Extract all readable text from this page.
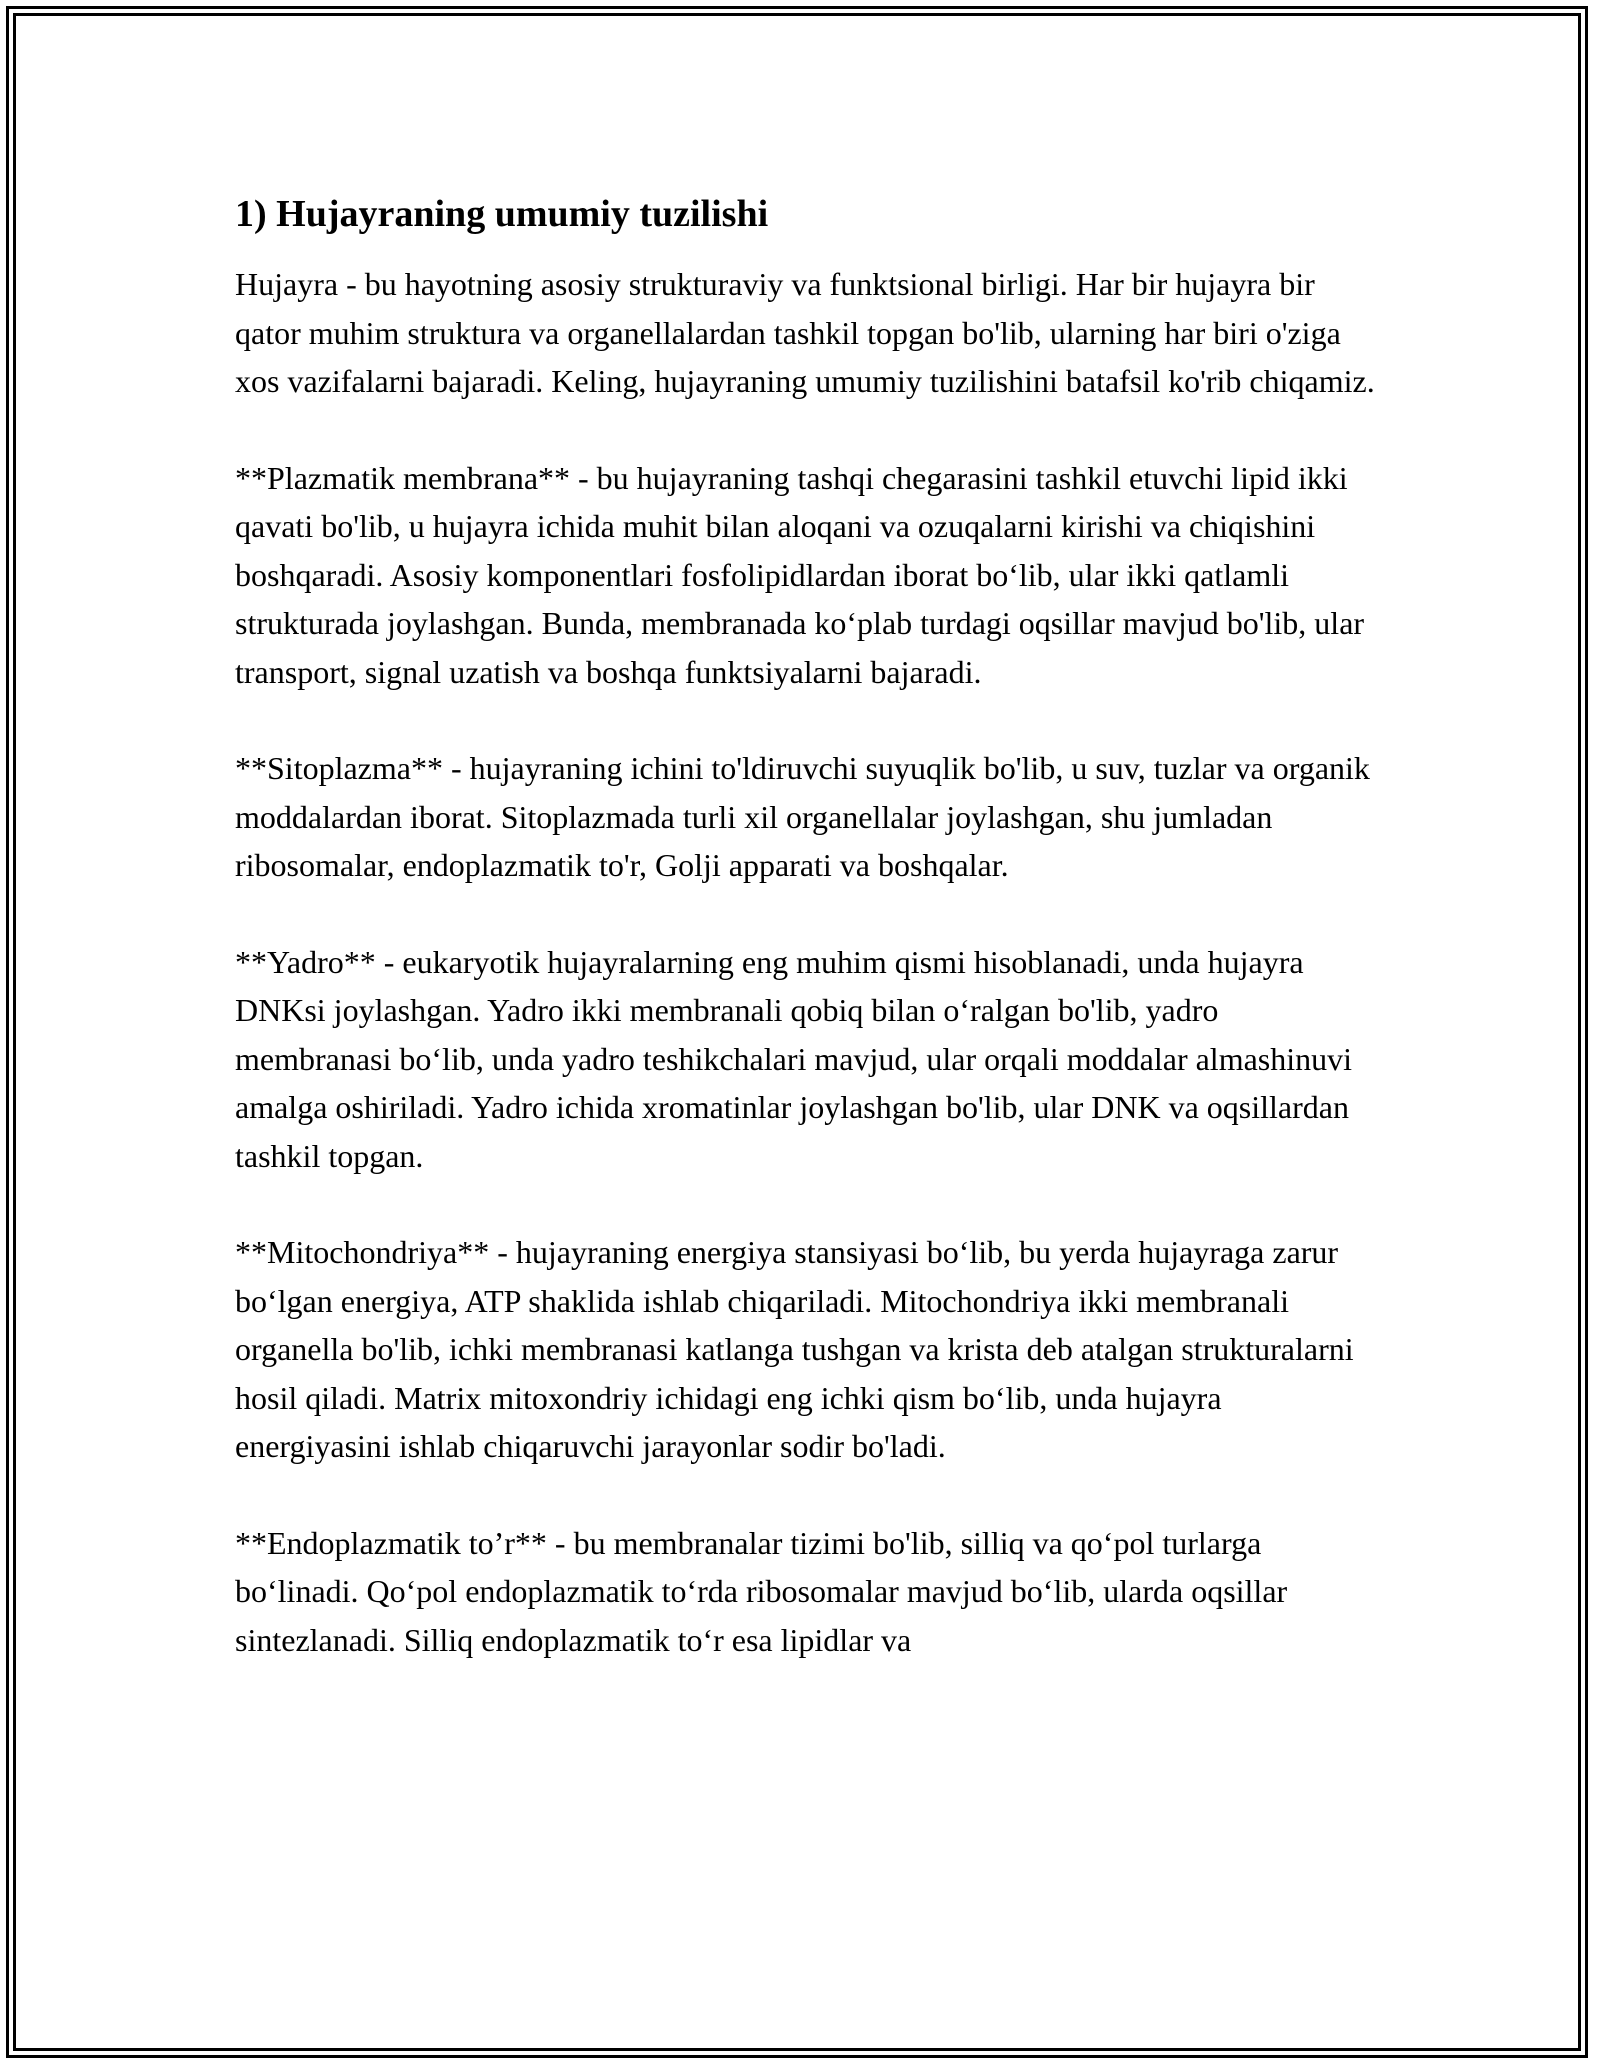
1) Hujayraning umumiy tuzilishi

Hujayra - bu hayotning asosiy strukturaviy va funktsional birligi. Har bir hujayra bir qator muhim struktura va organellalardan tashkil topgan bo'lib, ularning har biri o'ziga xos vazifalarni bajaradi. Keling, hujayraning umumiy tuzilishini batafsil ko'rib chiqamiz.

**Plazmatik membrana** - bu hujayraning tashqi chegarasini tashkil etuvchi lipid ikki qavati bo'lib, u hujayra ichida muhit bilan aloqani va ozuqalarni kirishi va chiqishini boshqaradi. Asosiy komponentlari fosfolipidlardan iborat bo‘lib, ular ikki qatlamli strukturada joylashgan. Bunda, membranada ko‘plab turdagi oqsillar mavjud bo'lib, ular transport, signal uzatish va boshqa funktsiyalarni bajaradi.

**Sitoplazma** - hujayraning ichini to'ldiruvchi suyuqlik bo'lib, u suv, tuzlar va organik moddalardan iborat. Sitoplazmada turli xil organellalar joylashgan, shu jumladan ribosomalar, endoplazmatik to'r, Golji apparati va boshqalar.

**Yadro** - eukaryotik hujayralarning eng muhim qismi hisoblanadi, unda hujayra DNKsi joylashgan. Yadro ikki membranali qobiq bilan o‘ralgan bo'lib, yadro membranasi bo‘lib, unda yadro teshikchalari mavjud, ular orqali moddalar almashinuvi amalga oshiriladi. Yadro ichida xromatinlar joylashgan bo'lib, ular DNK va oqsillardan tashkil topgan.

**Mitochondriya** - hujayraning energiya stansiyasi bo‘lib, bu yerda hujayraga zarur bo‘lgan energiya, ATP shaklida ishlab chiqariladi. Mitochondriya ikki membranali organella bo'lib, ichki membranasi katlanga tushgan va krista deb atalgan strukturalarni hosil qiladi. Matrix mitoxondriy ichidagi eng ichki qism bo‘lib, unda hujayra energiyasini ishlab chiqaruvchi jarayonlar sodir bo'ladi.

**Endoplazmatik to’r** - bu membranalar tizimi bo'lib, silliq va qo‘pol turlarga bo‘linadi. Qo‘pol endoplazmatik to‘rda ribosomalar mavjud bo‘lib, ularda oqsillar sintezlanadi. Silliq endoplazmatik to‘r esa lipidlar va
